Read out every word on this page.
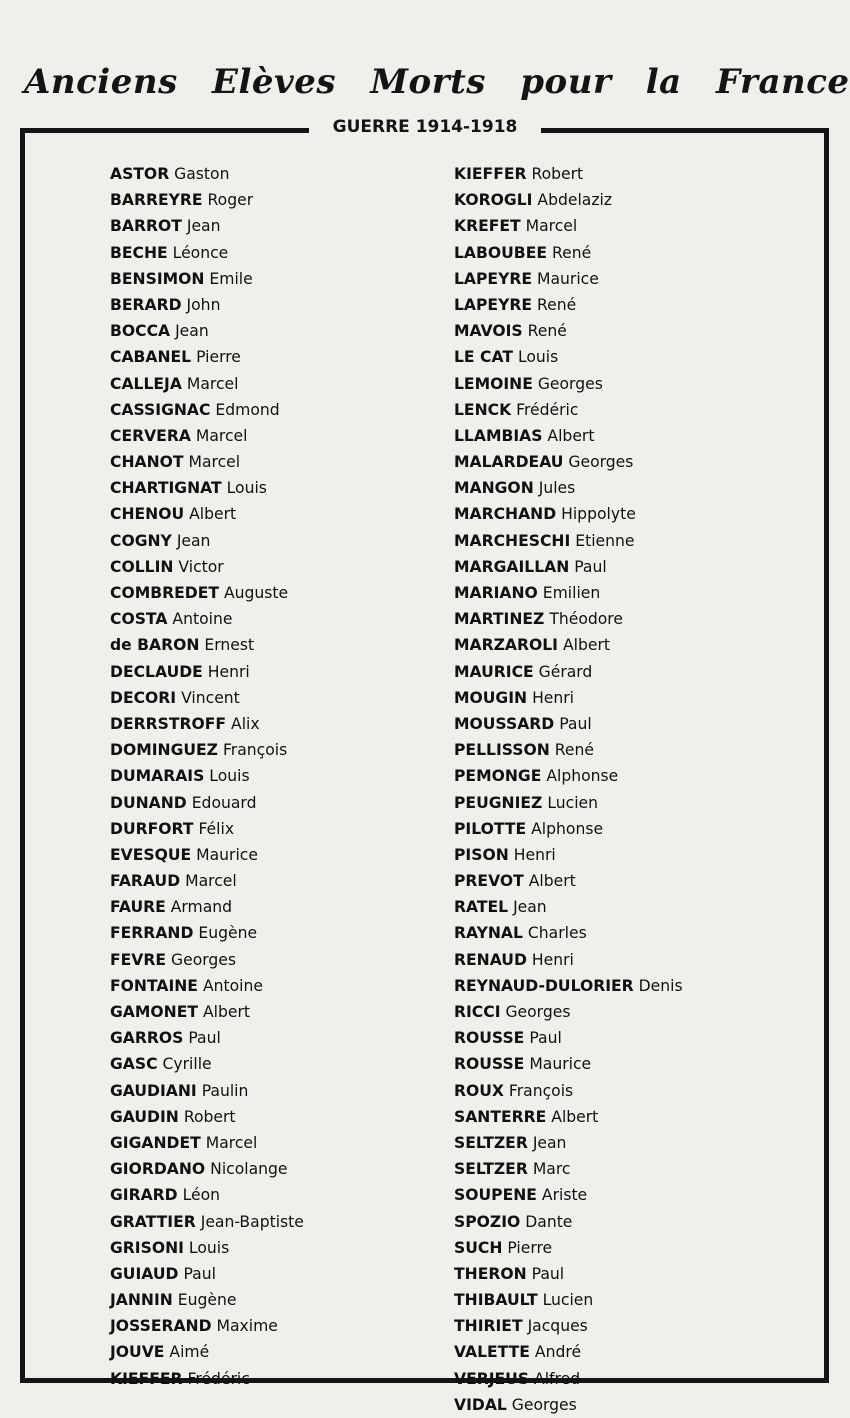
Anciens Elèves Morts pour la France
GUERRE 1914-1918
ASTOR Gaston
BARREYRE Roger
BARROT Jean
BECHE Léonce
BENSIMON Emile
BERARD John
BOCCA Jean
CABANEL Pierre
CALLEJA Marcel
CASSIGNAC Edmond
CERVERA Marcel
CHANOT Marcel
CHARTIGNAT Louis
CHENOU Albert
COGNY Jean
COLLIN Victor
COMBREDET Auguste
COSTA Antoine
de BARON Ernest
DECLAUDE Henri
DECORI Vincent
DERRSTROFF Alix
DOMINGUEZ François
DUMARAIS Louis
DUNAND Edouard
DURFORT Félix
EVESQUE Maurice
FARAUD Marcel
FAURE Armand
FERRAND Eugène
FEVRE Georges
FONTAINE Antoine
GAMONET Albert
GARROS Paul
GASC Cyrille
GAUDIANI Paulin
GAUDIN Robert
GIGANDET Marcel
GIORDANO Nicolange
GIRARD Léon
GRATTIER Jean-Baptiste
GRISONI Louis
GUIAUD Paul
JANNIN Eugène
JOSSERAND Maxime
JOUVE Aimé
KIEFFER Frédéric
KIEFFER Robert
KOROGLI Abdelaziz
KREFET Marcel
LABOUBEE René
LAPEYRE Maurice
LAPEYRE René
MAVOIS René
LE CAT Louis
LEMOINE Georges
LENCK Frédéric
LLAMBIAS Albert
MALARDEAU Georges
MANGON Jules
MARCHAND Hippolyte
MARCHESCHI Etienne
MARGAILLAN Paul
MARIANO Emilien
MARTINEZ Théodore
MARZAROLI Albert
MAURICE Gérard
MOUGIN Henri
MOUSSARD Paul
PELLISSON René
PEMONGE Alphonse
PEUGNIEZ Lucien
PILOTTE Alphonse
PISON Henri
PREVOT Albert
RATEL Jean
RAYNAL Charles
RENAUD Henri
REYNAUD-DULORIER Denis
RICCI Georges
ROUSSE Paul
ROUSSE Maurice
ROUX François
SANTERRE Albert
SELTZER Jean
SELTZER Marc
SOUPENE Ariste
SPOZIO Dante
SUCH Pierre
THERON Paul
THIBAULT Lucien
THIRIET Jacques
VALETTE André
VERJEUS Alfred
VIDAL Georges
